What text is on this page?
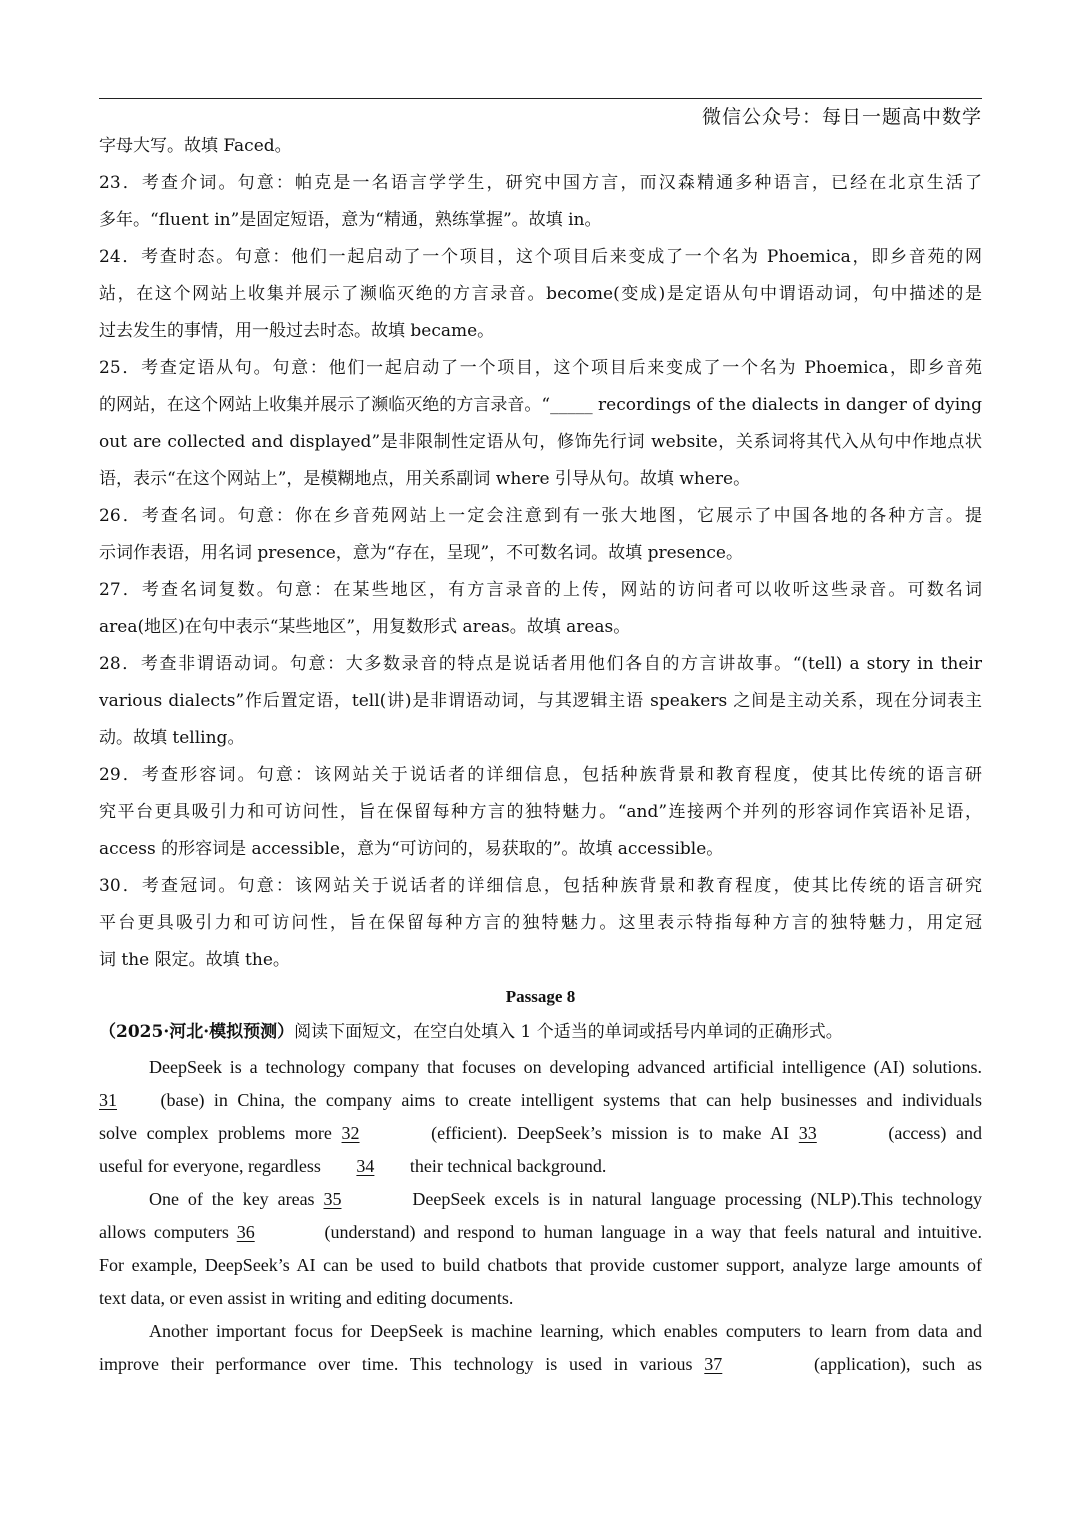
微信公众号：每日一题高中数学
字母大写。故填 Faced。
23．考查介词。句意：帕克是一名语言学学生，研究中国方言，而汉森精通多种语言，已经在北京生活了
多年。“fluent in”是固定短语，意为“精通，熟练掌握”。故填 in。
24．考查时态。句意：他们一起启动了一个项目，这个项目后来变成了一个名为 Phoemica，即乡音苑的网
站，在这个网站上收集并展示了濒临灭绝的方言录音。become(变成)是定语从句中谓语动词，句中描述的是
过去发生的事情，用一般过去时态。故填 became。
25．考查定语从句。句意：他们一起启动了一个项目，这个项目后来变成了一个名为 Phoemica，即乡音苑
的网站，在这个网站上收集并展示了濒临灭绝的方言录音。“_____ recordings of the dialects in danger of dying
out are collected and displayed”是非限制性定语从句，修饰先行词 website，关系词将其代入从句中作地点状
语，表示“在这个网站上”，是模糊地点，用关系副词 where 引导从句。故填 where。
26．考查名词。句意：你在乡音苑网站上一定会注意到有一张大地图，它展示了中国各地的各种方言。提
示词作表语，用名词 presence，意为“存在，呈现”，不可数名词。故填 presence。
27．考查名词复数。句意：在某些地区，有方言录音的上传，网站的访问者可以收听这些录音。可数名词
area(地区)在句中表示“某些地区”，用复数形式 areas。故填 areas。
28．考查非谓语动词。句意：大多数录音的特点是说话者用他们各自的方言讲故事。“(tell) a story in their
various dialects”作后置定语，tell(讲)是非谓语动词，与其逻辑主语 speakers 之间是主动关系，现在分词表主
动。故填 telling。
29．考查形容词。句意：该网站关于说话者的详细信息，包括种族背景和教育程度，使其比传统的语言研
究平台更具吸引力和可访问性，旨在保留每种方言的独特魅力。“and”连接两个并列的形容词作宾语补足语，
access 的形容词是 accessible，意为“可访问的，易获取的”。故填 accessible。
30．考查冠词。句意：该网站关于说话者的详细信息，包括种族背景和教育程度，使其比传统的语言研究
平台更具吸引力和可访问性，旨在保留每种方言的独特魅力。这里表示特指每种方言的独特魅力，用定冠
词 the 限定。故填 the。
Passage 8
（2025·河北·模拟预测）阅读下面短文，在空白处填入 1 个适当的单词或括号内单词的正确形式。
DeepSeek is a technology company that focuses on developing advanced artificial intelligence (AI) solutions.
31 (base) in China, the company aims to create intelligent systems that can help businesses and individuals
solve complex problems more 32	(efficient). DeepSeek’s mission is to make AI 33	(access) and
useful for everyone, regardless 34 their technical background.
One of the key areas 35	DeepSeek excels is in natural language processing (NLP).This technology
allows computers 36	(understand) and respond to human language in a way that feels natural and intuitive.
For example, DeepSeek’s AI can be used to build chatbots that provide customer support, analyze large amounts of
text data, or even assist in writing and editing documents.
Another important focus for DeepSeek is machine learning, which enables computers to learn from data and
improve their performance over time. This technology is used in various 37	(application), such as
